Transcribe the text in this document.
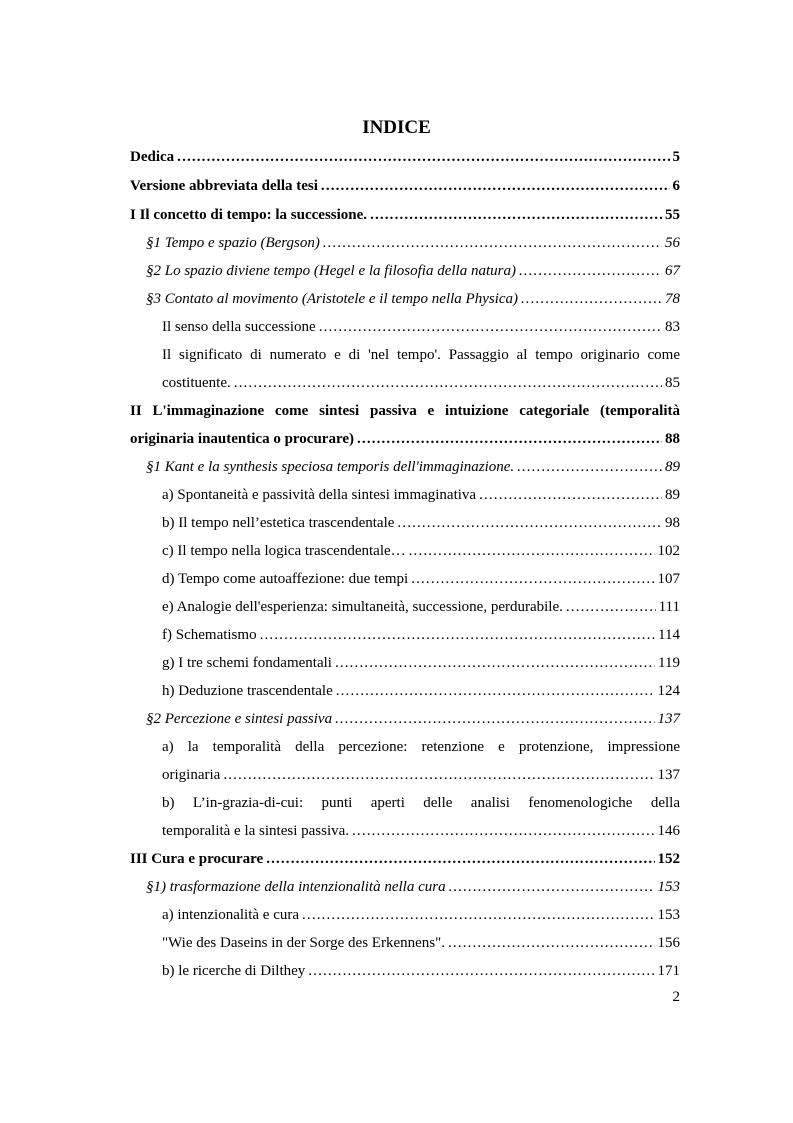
INDICE
Dedica . . .	5
Versione abbreviata della tesi . . .	6
I Il concetto di tempo: la successione. . . .	55
§1 Tempo e spazio (Bergson) . . .	56
§2 Lo spazio diviene tempo (Hegel e la filosofia della natura) . . .	67
§3 Contato al movimento (Aristotele e il tempo nella Physica) . . .	78
Il senso della successione . . .	83
Il significato di numerato e di 'nel tempo'. Passaggio al tempo originario come
costituente. . . .	85
II L'immaginazione come sintesi passiva e intuizione categoriale (temporalità
originaria inautentica o procurare) . . .	88
§1 Kant e la synthesis speciosa temporis dell'immaginazione. . . .	89
a) Spontaneità e passività della sintesi immaginativa . . .	89
b) Il tempo nell’estetica trascendentale . . .	98
c) Il tempo nella logica trascendentale… . . .	102
d) Tempo come autoaffezione: due tempi . . .	107
e) Analogie dell'esperienza: simultaneità, successione, perdurabile. . . .	111
f) Schematismo . . .	114
g) I tre schemi fondamentali . . .	119
h) Deduzione trascendentale . . .	124
§2 Percezione e sintesi passiva . . .	137
a) la temporalità della percezione: retenzione e protenzione, impressione
originaria . . .	137
b) L’in-grazia-di-cui: punti aperti delle analisi fenomenologiche della
temporalità e la sintesi passiva. . . .	146
III Cura e procurare . . .	152
§1) trasformazione della intenzionalità nella cura . . .	153
a) intenzionalità e cura . . .	153
"Wie des Daseins in der Sorge des Erkennens". . . .	156
b) le ricerche di Dilthey . . .	171
2
